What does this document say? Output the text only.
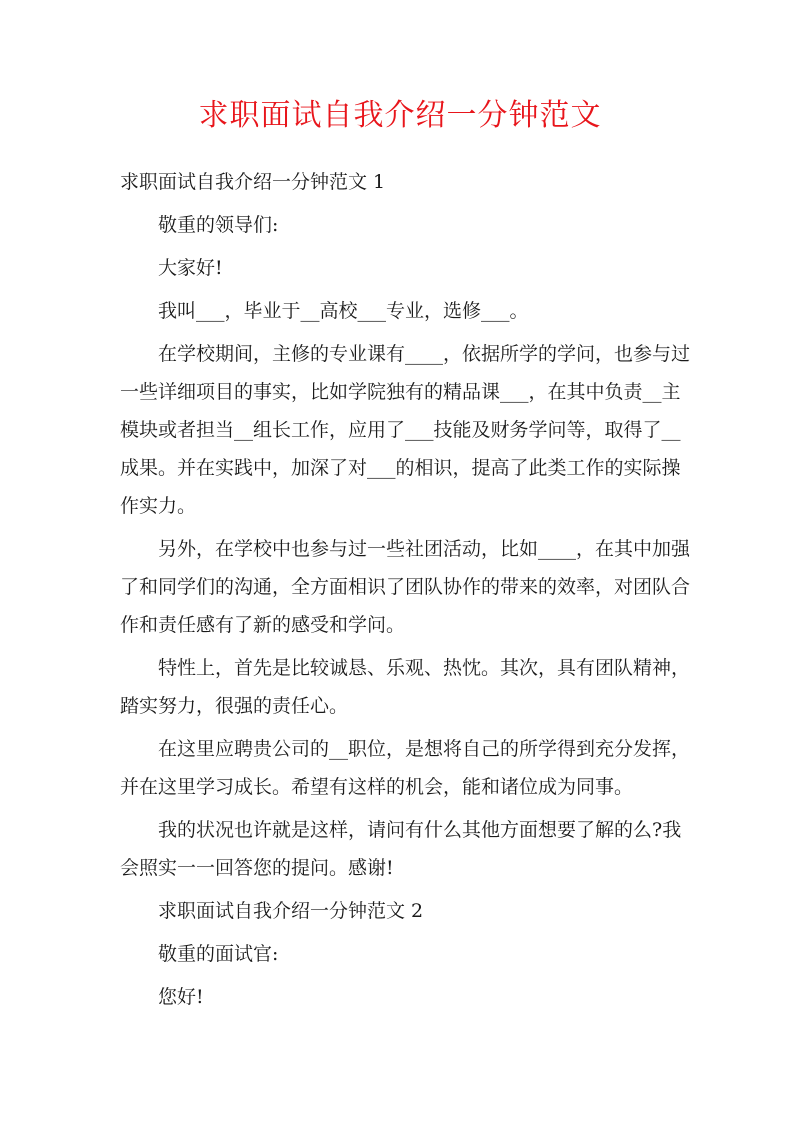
求职面试自我介绍一分钟范文

求职面试自我介绍一分钟范文 1

敬重的领导们:

大家好!

我叫___，毕业于__高校___专业，选修___。

在学校期间，主修的专业课有____，依据所学的学问，也参与过

一些详细项目的事实，比如学院独有的精品课___，在其中负责__主

模块或者担当__组长工作，应用了___技能及财务学问等，取得了__

成果。并在实践中，加深了对___的相识，提高了此类工作的实际操

作实力。

另外，在学校中也参与过一些社团活动，比如____，在其中加强

了和同学们的沟通，全方面相识了团队协作的带来的效率，对团队合

作和责任感有了新的感受和学问。

特性上，首先是比较诚恳、乐观、热忱。其次，具有团队精神，

踏实努力，很强的责任心。

在这里应聘贵公司的__职位，是想将自己的所学得到充分发挥，

并在这里学习成长。希望有这样的机会，能和诸位成为同事。

我的状况也许就是这样，请问有什么其他方面想要了解的么?我

会照实一一回答您的提问。感谢!

求职面试自我介绍一分钟范文 2

敬重的面试官:

您好!
